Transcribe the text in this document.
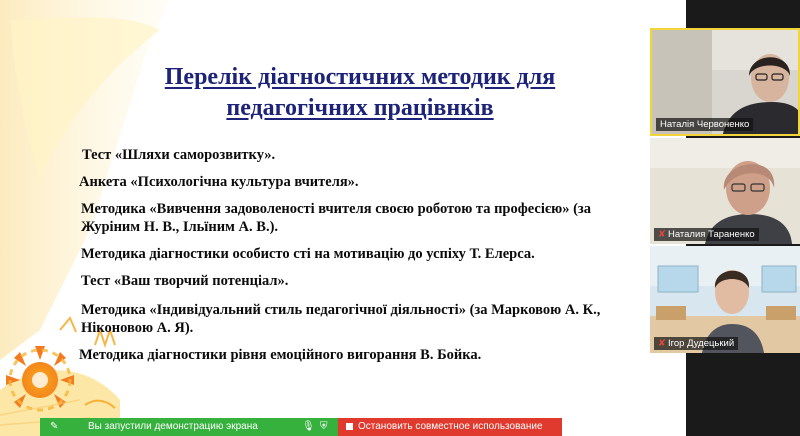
Перелік діагностичних методик для
педагогічних працівнків
Тест «Шляхи саморозвитку».
Анкета «Психологічна культура вчителя».
Методика «Вивчення задоволеності вчителя своєю роботою та професією» (за
Журіним Н. В., Ільїним А. В.).
Методика діагностики особисто сті на мотивацію до успіху Т. Елерса.
Тест «Ваш творчий потенціал».
Методика «Індивідуальний стиль педагогічної діяльності» (за Марковою А. К.,
Ніконовою А. Я).
Методика діагностики рівня емоційного вигорання В. Бойка.
Наталія Червоненко
✘ Наталия Тараненко
✘ Ігор Дудецький
✎	Вы запустили демонстрацию экрана	🎙 ⛨	Остановить совместное использование
